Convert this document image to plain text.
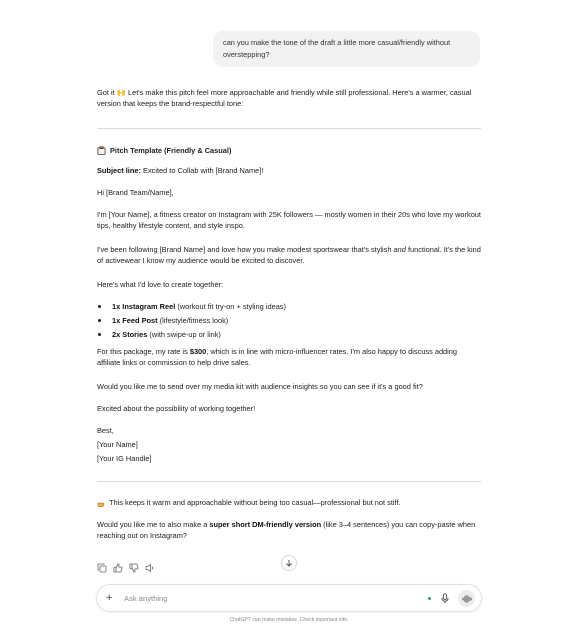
can you make the tone of the draft a little more casual/friendly without overstepping?

Got it 🙌 Let's make this pitch feel more approachable and friendly while still professional. Here's a warmer, casual version that keeps the brand-respectful tone:

Pitch Template (Friendly & Casual)

Subject line: Excited to Collab with [Brand Name]!

Hi [Brand Team/Name],

I'm [Your Name], a fitness creator on Instagram with 25K followers — mostly women in their 20s who love my workout tips, healthy lifestyle content, and style inspo.

I've been following [Brand Name] and love how you make modest sportswear that's stylish and functional. It's the kind of activewear I know my audience would be excited to discover.

Here's what I'd love to create together:

1x Instagram Reel (workout fit try-on + styling ideas)
1x Feed Post (lifestyle/fitness look)
2x Stories (with swipe-up or link)

For this package, my rate is $300, which is in line with micro-influencer rates. I'm also happy to discuss adding affiliate links or commission to help drive sales.

Would you like me to send over my media kit with audience insights so you can see if it's a good fit?

Excited about the possibility of working together!

Best,

[Your Name]

[Your IG Handle]

This keeps it warm and approachable without being too casual—professional but not stiff.

Would you like me to also make a super short DM-friendly version (like 3–4 sentences) you can copy-paste when reaching out on Instagram?

+ Ask anything
ChatGPT can make mistakes. Check important info.
